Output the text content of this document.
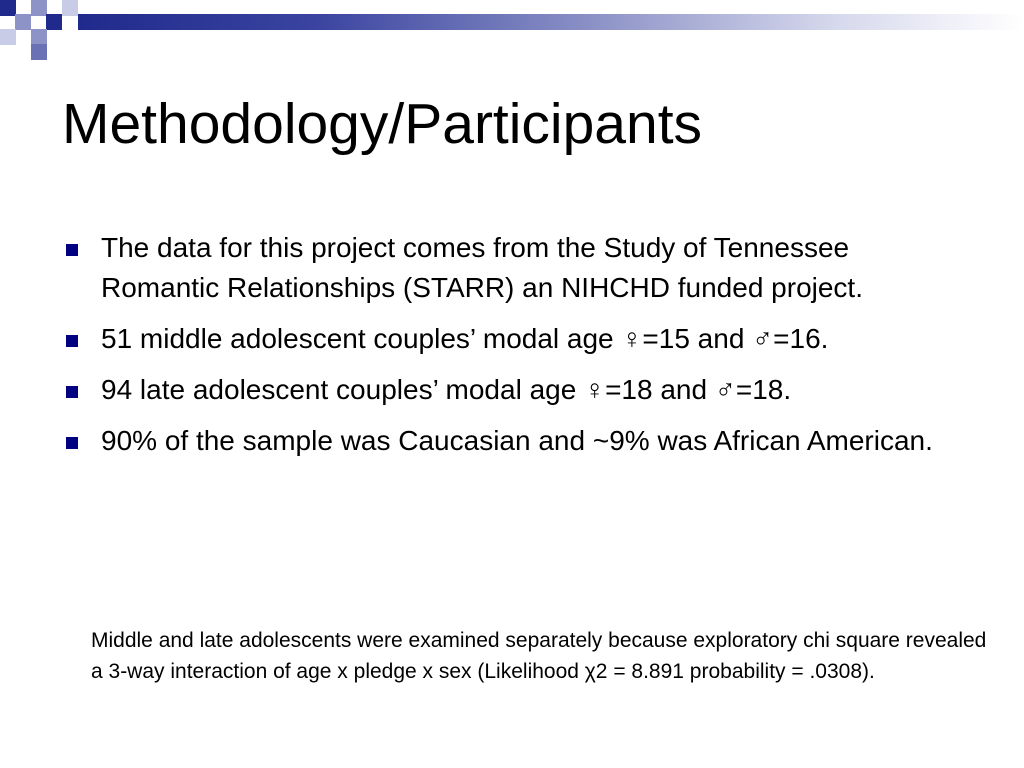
Methodology/Participants
The data for this project comes from the Study of Tennessee Romantic Relationships (STARR) an NIHCHD funded project.
51 middle adolescent couples’ modal age ♀=15 and ♂=16.
94 late adolescent couples’ modal age ♀=18 and ♂=18.
90% of the sample was Caucasian and ~9% was African American.

Middle and late adolescents were examined separately because exploratory chi square revealed a 3-way interaction of age x pledge x sex (Likelihood χ2 = 8.891 probability = .0308).
